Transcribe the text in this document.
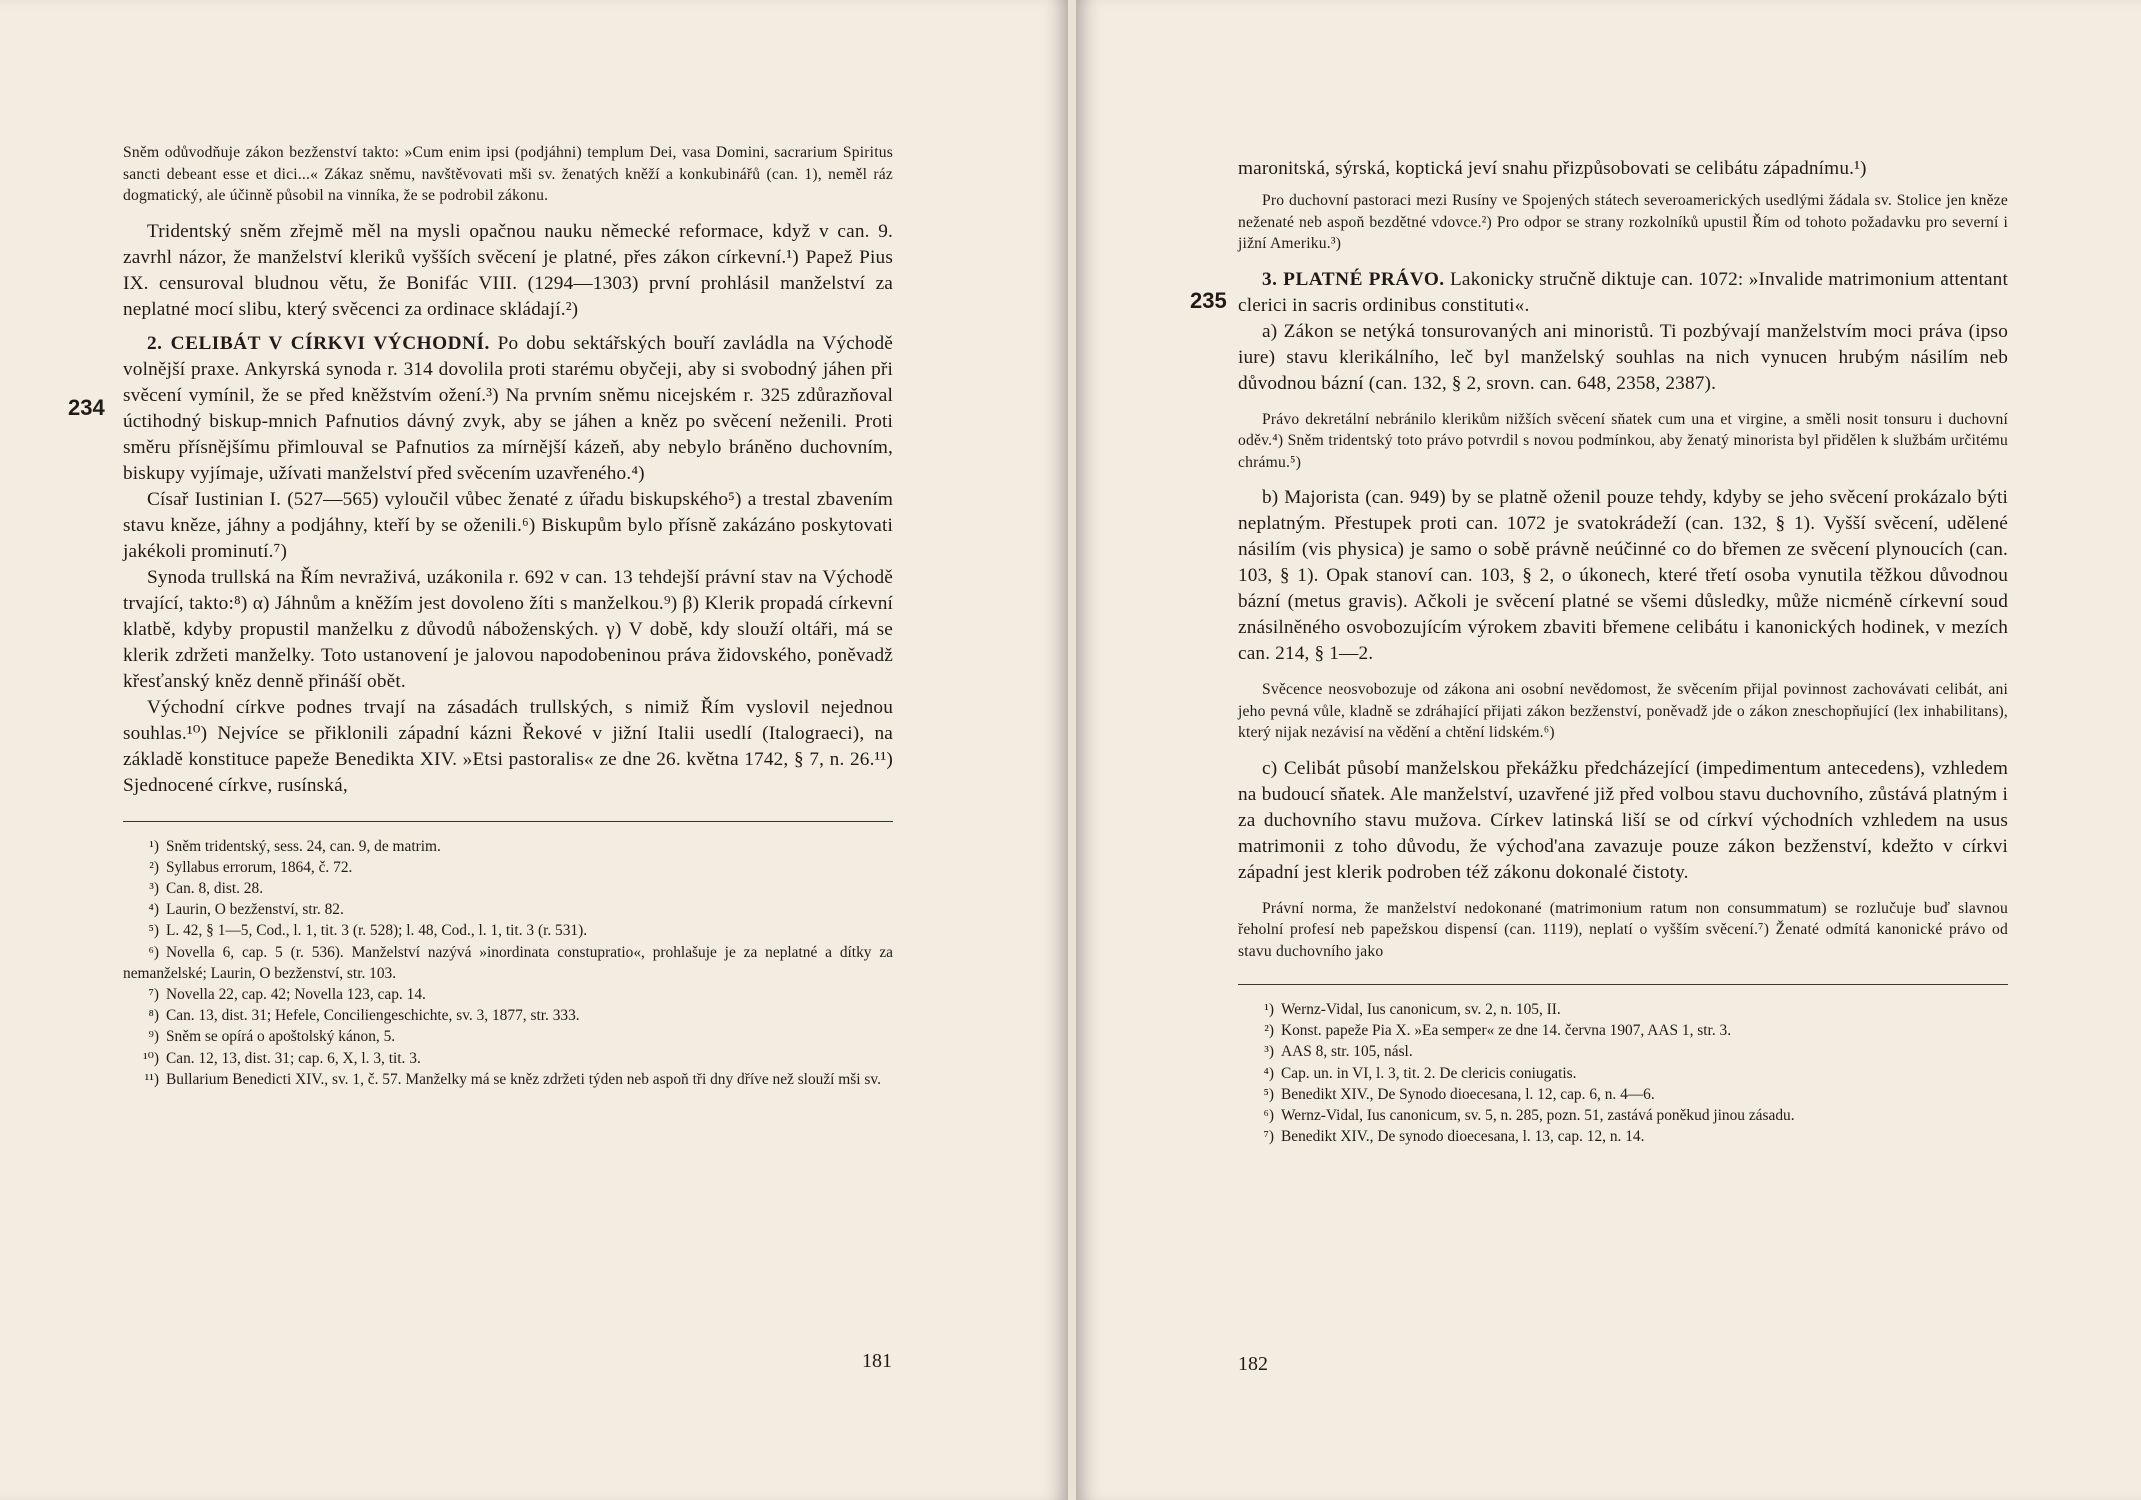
234

Sněm odůvodňuje zákon bezženství takto: »Cum enim ipsi (podjáhni) templum Dei, vasa Domini, sacrarium Spiritus sancti debeant esse et dici...« Zákaz sněmu, navštěvovati mši sv. ženatých kněží a konkubinářů (can. 1), neměl ráz dogmatický, ale účinně působil na vinníka, že se podrobil zákonu.

Tridentský sněm zřejmě měl na mysli opačnou nauku německé reformace, když v can. 9. zavrhl názor, že manželství kleriků vyšších svěcení je platné, přes zákon církevní.¹) Papež Pius IX. censuroval bludnou větu, že Bonifác VIII. (1294—1303) první prohlásil manželství za neplatné mocí slibu, který svěcenci za ordinace skládají.²)

2. CELIBÁT V CÍRKVI VÝCHODNÍ. Po dobu sektářských bouří zavládla na Východě volnější praxe. Ankyrská synoda r. 314 dovolila proti starému obyčeji, aby si svobodný jáhen při svěcení vymínil, že se před kněžstvím ožení.³) Na prvním sněmu nicejském r. 325 zdůrazňoval úctihodný biskup-mnich Pafnutios dávný zvyk, aby se jáhen a kněz po svěcení neženili. Proti směru přísnějšímu přimlouval se Pafnutios za mírnější kázeň, aby nebylo bráněno duchovním, biskupy vyjímaje, užívati manželství před svěcením uzavřeného.⁴)

Císař Iustinian I. (527—565) vyloučil vůbec ženaté z úřadu biskupského⁵) a trestal zbavením stavu kněze, jáhny a podjáhny, kteří by se oženili.⁶) Biskupům bylo přísně zakázáno poskytovati jakékoli prominutí.⁷)

Synoda trullská na Řím nevraživá, uzákonila r. 692 v can. 13 tehdejší právní stav na Východě trvající, takto:⁸) α) Jáhnům a kněžím jest dovoleno žíti s manželkou.⁹) β) Klerik propadá církevní klatbě, kdyby propustil manželku z důvodů náboženských. γ) V době, kdy slouží oltáři, má se klerik zdržeti manželky. Toto ustanovení je jalovou napodobeninou práva židovského, poněvadž křesťanský kněz denně přináší obět.

Východní církve podnes trvají na zásadách trullských, s nimiž Řím vyslovil nejednou souhlas.¹⁰) Nejvíce se přiklonili západní kázni Řekové v jižní Italii usedlí (Italograeci), na základě konstituce papeže Benedikta XIV. »Etsi pastoralis« ze dne 26. května 1742, § 7, n. 26.¹¹) Sjednocené církve, rusínská,

¹) Sněm tridentský, sess. 24, can. 9, de matrim.

²) Syllabus errorum, 1864, č. 72.

³) Can. 8, dist. 28.

⁴) Laurin, O bezženství, str. 82.

⁵) L. 42, § 1—5, Cod., l. 1, tit. 3 (r. 528); l. 48, Cod., l. 1, tit. 3 (r. 531).

⁶) Novella 6, cap. 5 (r. 536). Manželství nazývá »inordinata constupratio«, prohlašuje je za neplatné a dítky za nemanželské; Laurin, O bezženství, str. 103.

⁷) Novella 22, cap. 42; Novella 123, cap. 14.

⁸) Can. 13, dist. 31; Hefele, Conciliengeschichte, sv. 3, 1877, str. 333.

⁹) Sněm se opírá o apoštolský kánon, 5.

¹⁰) Can. 12, 13, dist. 31; cap. 6, X, l. 3, tit. 3.

¹¹) Bullarium Benedicti XIV., sv. 1, č. 57. Manželky má se kněz zdržeti týden neb aspoň tři dny dříve než slouží mši sv.

181
235

maronitská, sýrská, koptická jeví snahu přizpůsobovati se celibátu západnímu.¹)

Pro duchovní pastoraci mezi Rusíny ve Spojených státech severoamerických usedlými žádala sv. Stolice jen kněze neženaté neb aspoň bezdětné vdovce.²) Pro odpor se strany rozkolníků upustil Řím od tohoto požadavku pro severní i jižní Ameriku.³)

3. PLATNÉ PRÁVO. Lakonicky stručně diktuje can. 1072: »Invalide matrimonium attentant clerici in sacris ordinibus constituti«.

a) Zákon se netýká tonsurovaných ani minoristů. Ti pozbývají manželstvím moci práva (ipso iure) stavu klerikálního, leč byl manželský souhlas na nich vynucen hrubým násilím neb důvodnou bázní (can. 132, § 2, srovn. can. 648, 2358, 2387).

Právo dekretální nebránilo klerikům nižších svěcení sňatek cum una et virgine, a směli nosit tonsuru i duchovní oděv.⁴) Sněm tridentský toto právo potvrdil s novou podmínkou, aby ženatý minorista byl přidělen k službám určitému chrámu.⁵)

b) Majorista (can. 949) by se platně oženil pouze tehdy, kdyby se jeho svěcení prokázalo býti neplatným. Přestupek proti can. 1072 je svatokrádeží (can. 132, § 1). Vyšší svěcení, udělené násilím (vis physica) je samo o sobě právně neúčinné co do břemen ze svěcení plynoucích (can. 103, § 1). Opak stanoví can. 103, § 2, o úkonech, které třetí osoba vynutila těžkou důvodnou bázní (metus gravis). Ačkoli je svěcení platné se všemi důsledky, může nicméně církevní soud znásilněného osvobozujícím výrokem zbaviti břemene celibátu i kanonických hodinek, v mezích can. 214, § 1—2.

Svěcence neosvobozuje od zákona ani osobní nevědomost, že svěcením přijal povinnost zachovávati celibát, ani jeho pevná vůle, kladně se zdráhající přijati zákon bezženství, poněvadž jde o zákon zneschopňující (lex inhabilitans), který nijak nezávisí na vědění a chtění lidském.⁶)

c) Celibát působí manželskou překážku předcházející (impedimentum antecedens), vzhledem na budoucí sňatek. Ale manželství, uzavřené již před volbou stavu duchovního, zůstává platným i za duchovního stavu mužova. Církev latinská liší se od církví východních vzhledem na usus matrimonii z toho důvodu, že východ'ana zavazuje pouze zákon bezženství, kdežto v církvi západní jest klerik podroben též zákonu dokonalé čistoty.

Právní norma, že manželství nedokonané (matrimonium ratum non consummatum) se rozlučuje buď slavnou řeholní profesí neb papežskou dispensí (can. 1119), neplatí o vyšším svěcení.⁷) Ženaté odmítá kanonické právo od stavu duchovního jako

¹) Wernz-Vidal, Ius canonicum, sv. 2, n. 105, II.

²) Konst. papeže Pia X. »Ea semper« ze dne 14. června 1907, AAS 1, str. 3.

³) AAS 8, str. 105, násl.

⁴) Cap. un. in VI, l. 3, tit. 2. De clericis coniugatis.

⁵) Benedikt XIV., De Synodo dioecesana, l. 12, cap. 6, n. 4—6.

⁶) Wernz-Vidal, Ius canonicum, sv. 5, n. 285, pozn. 51, zastává poněkud jinou zásadu.

⁷) Benedikt XIV., De synodo dioecesana, l. 13, cap. 12, n. 14.

182
